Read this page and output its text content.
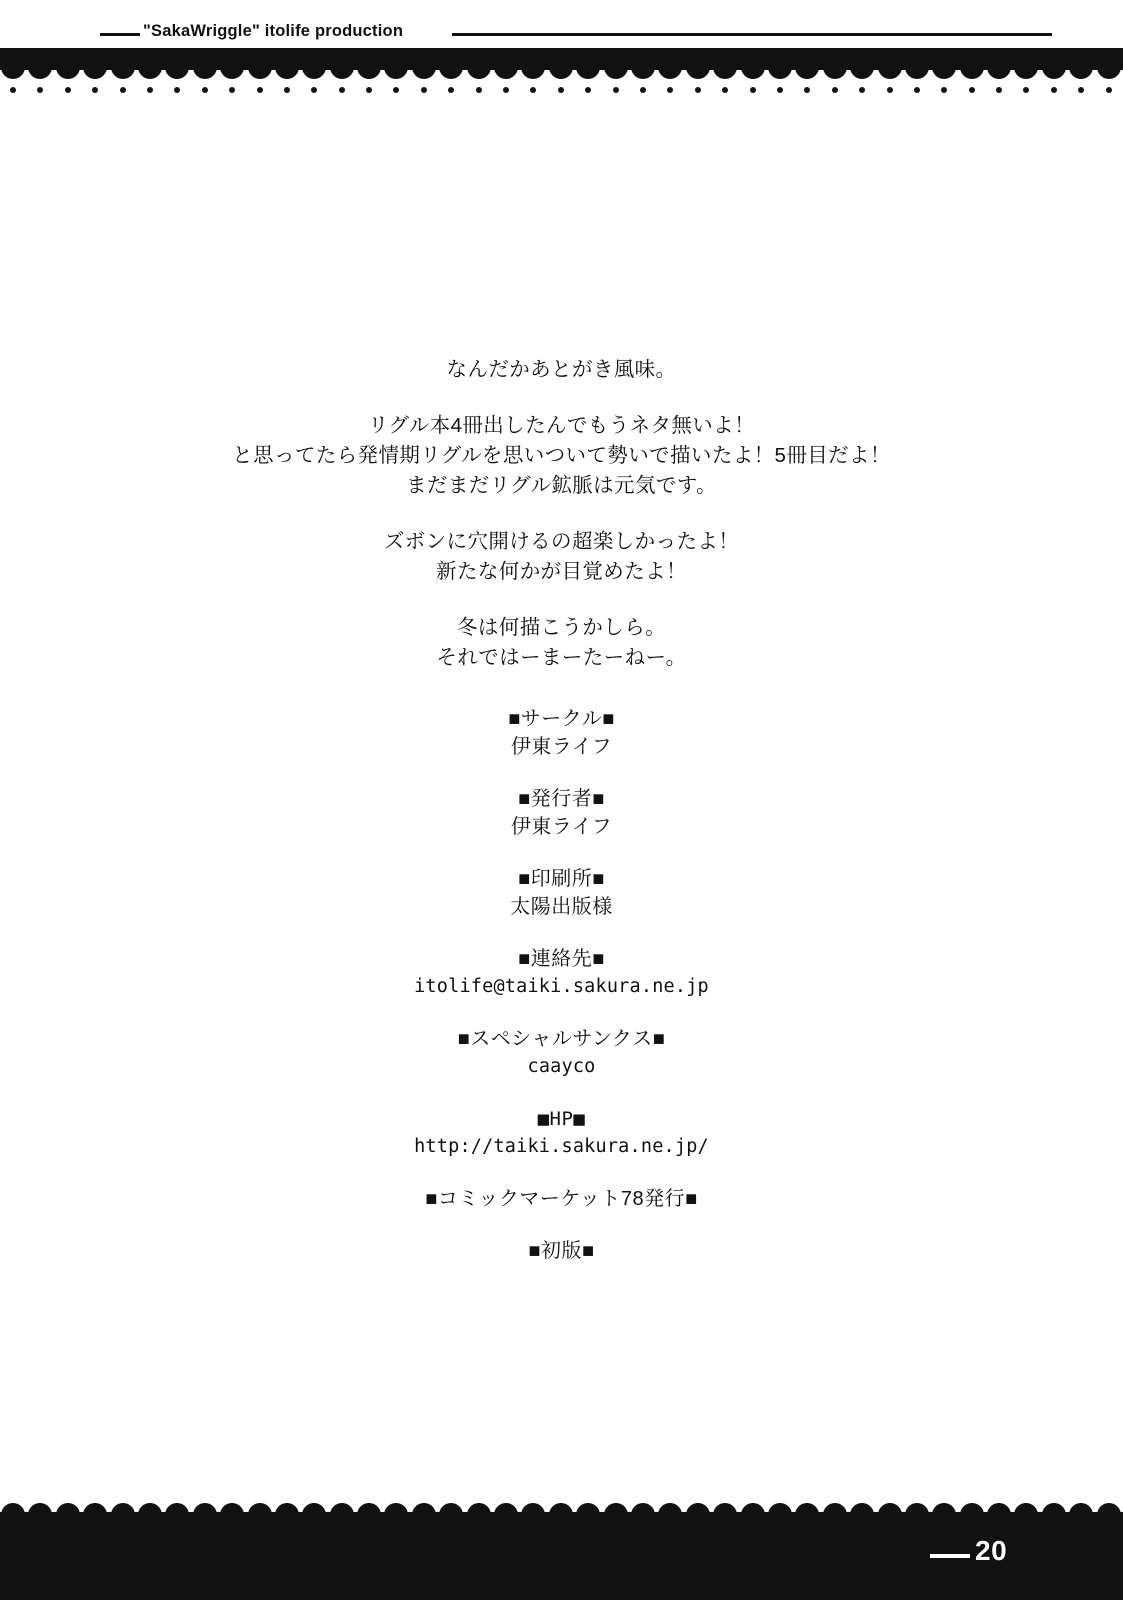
"SakaWriggle" itolife production
なんだかあとがき風味。
リグル本4冊出したんでもうネタ無いよ！
と思ってたら発情期リグルを思いついて勢いで描いたよ！5冊目だよ！
まだまだリグル鉱脈は元気です。
ズボンに穴開けるの超楽しかったよ！
新たな何かが目覚めたよ！
冬は何描こうかしら。
それではーまーたーねー。
■サークル■
伊東ライフ
■発行者■
伊東ライフ
■印刷所■
太陽出版様
■連絡先■
itolife@taiki.sakura.ne.jp
■スペシャルサンクス■
caayco
■HP■
http://taiki.sakura.ne.jp/
■コミックマーケット78発行■
■初版■
20
